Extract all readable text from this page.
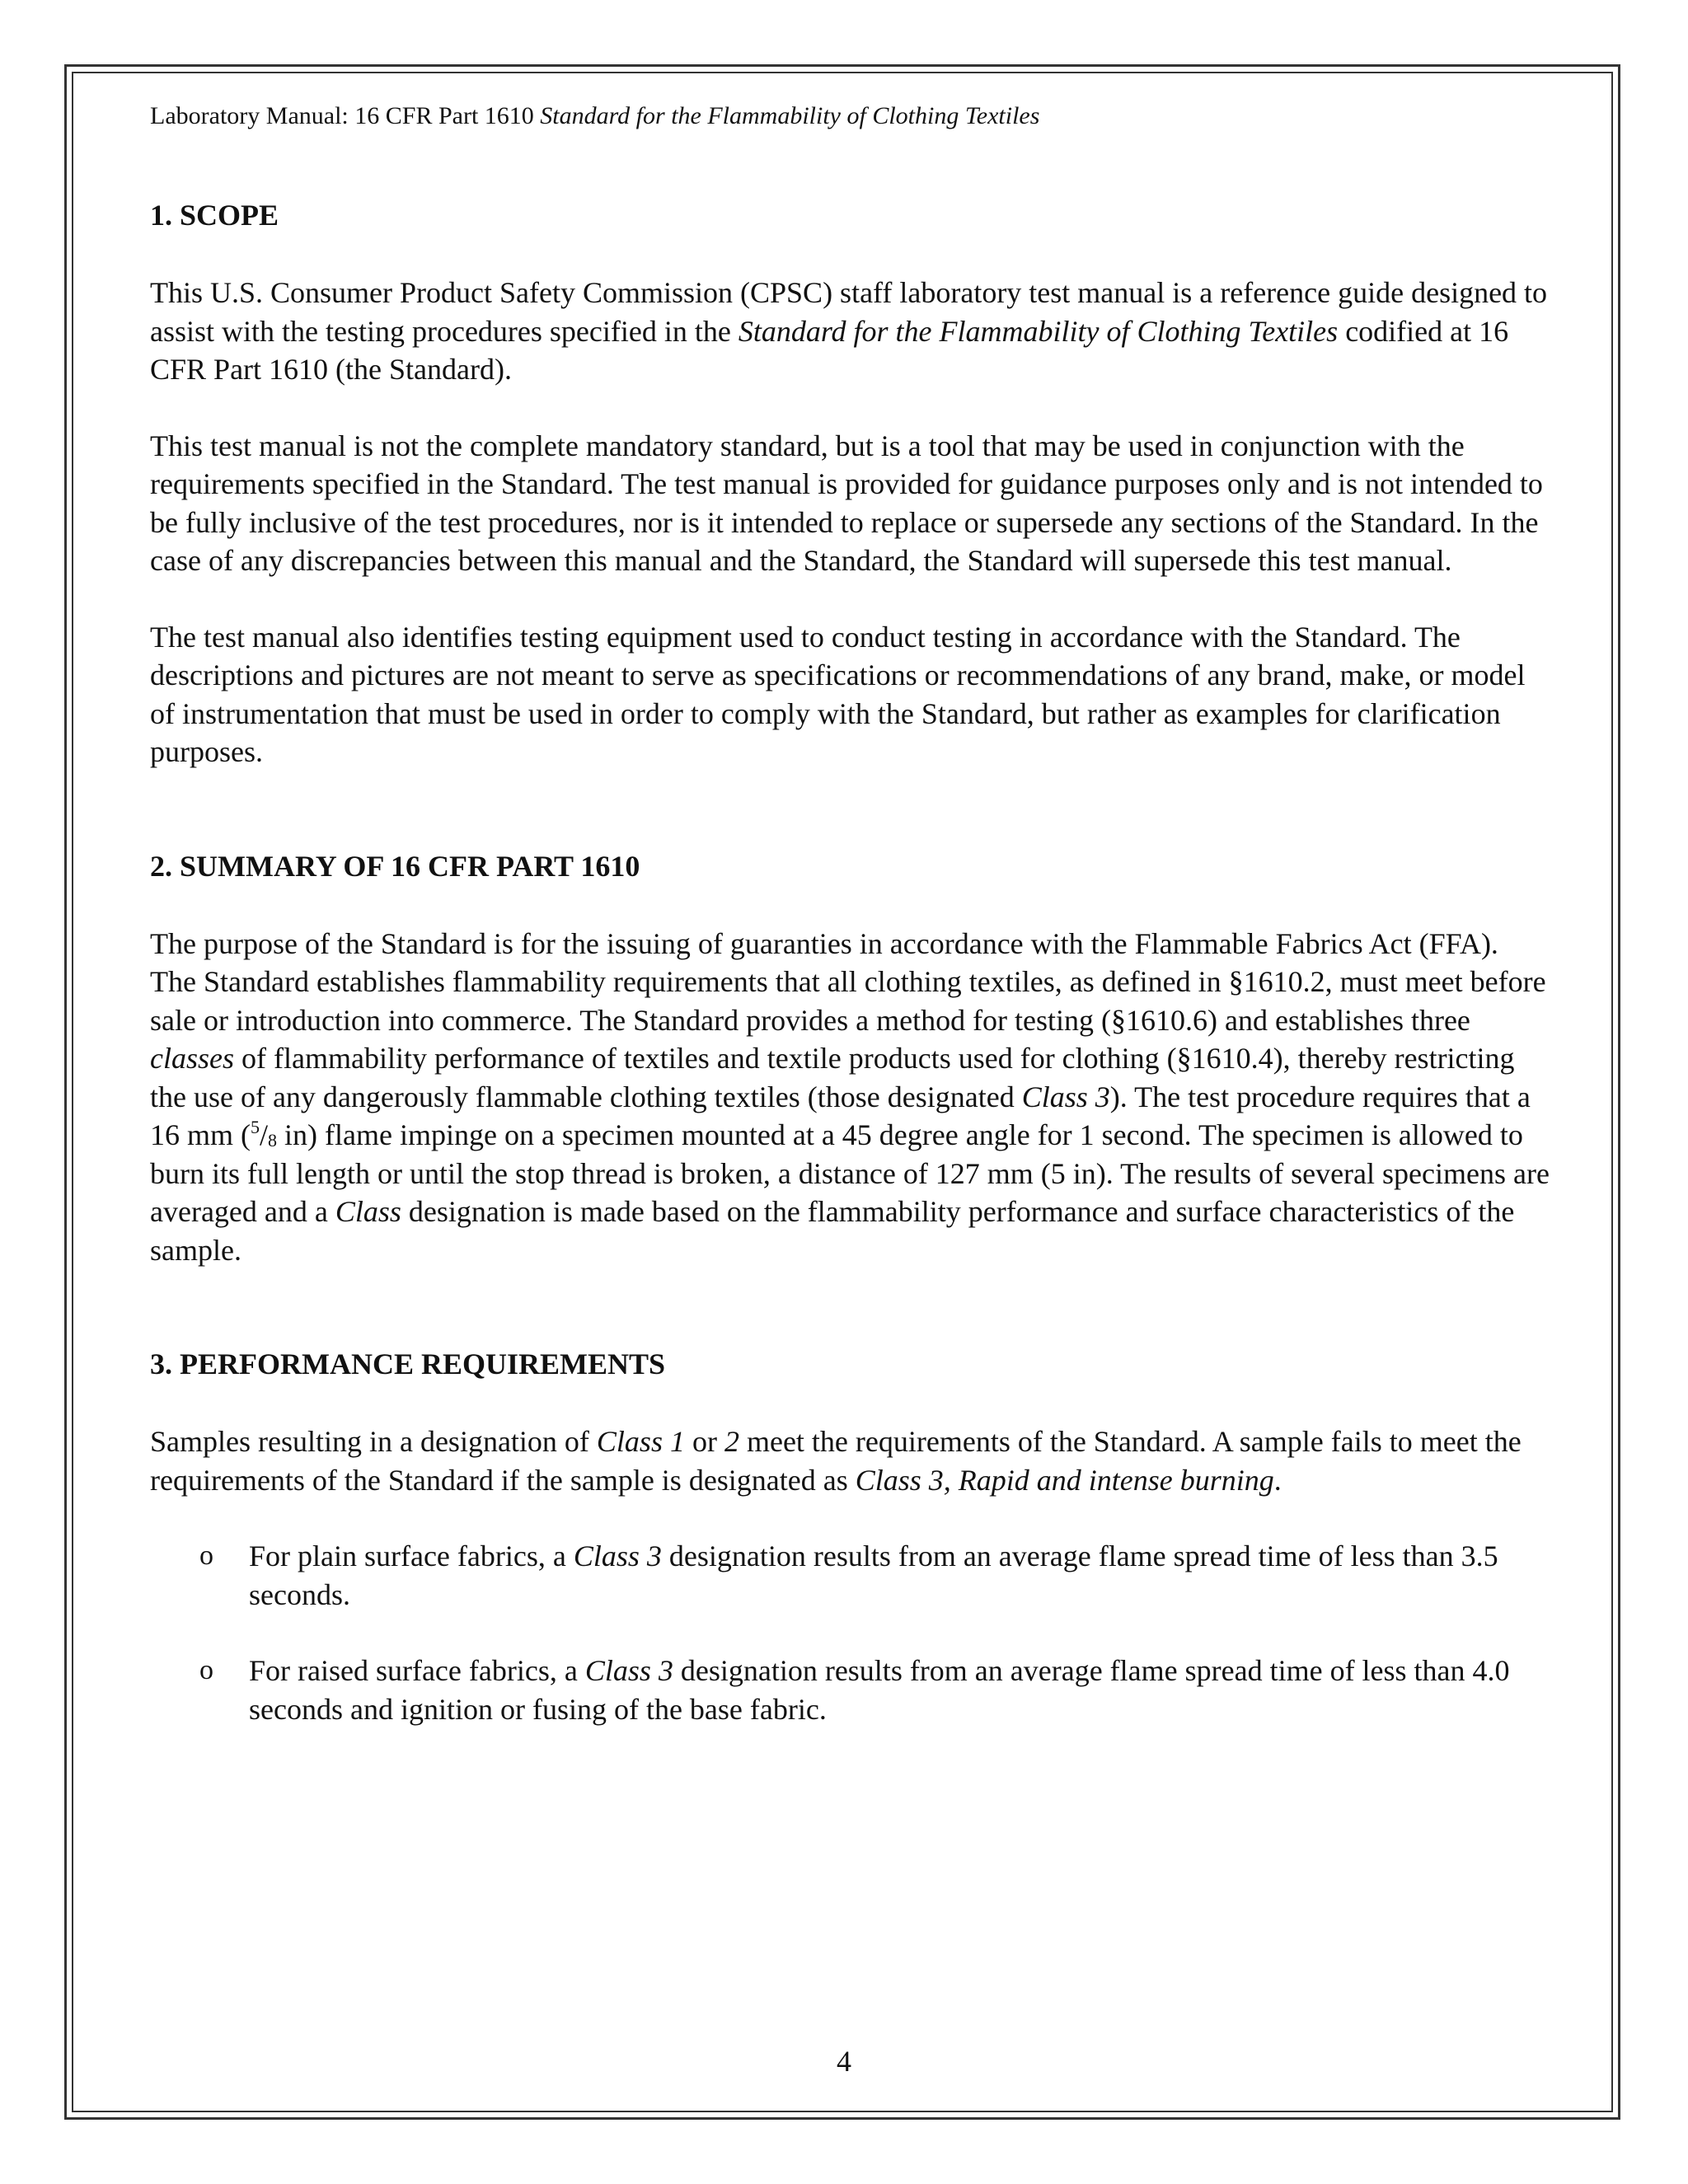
Laboratory Manual: 16 CFR Part 1610 Standard for the Flammability of Clothing Textiles

1. SCOPE

This U.S. Consumer Product Safety Commission (CPSC) staff laboratory test manual is a reference guide designed to assist with the testing procedures specified in the Standard for the Flammability of Clothing Textiles codified at 16 CFR Part 1610 (the Standard).

This test manual is not the complete mandatory standard, but is a tool that may be used in conjunction with the requirements specified in the Standard. The test manual is provided for guidance purposes only and is not intended to be fully inclusive of the test procedures, nor is it intended to replace or supersede any sections of the Standard. In the case of any discrepancies between this manual and the Standard, the Standard will supersede this test manual.

The test manual also identifies testing equipment used to conduct testing in accordance with the Standard. The descriptions and pictures are not meant to serve as specifications or recommendations of any brand, make, or model of instrumentation that must be used in order to comply with the Standard, but rather as examples for clarification purposes.

2. SUMMARY OF 16 CFR PART 1610

The purpose of the Standard is for the issuing of guaranties in accordance with the Flammable Fabrics Act (FFA). The Standard establishes flammability requirements that all clothing textiles, as defined in §1610.2, must meet before sale or introduction into commerce. The Standard provides a method for testing (§1610.6) and establishes three classes of flammability performance of textiles and textile products used for clothing (§1610.4), thereby restricting the use of any dangerously flammable clothing textiles (those designated Class 3). The test procedure requires that a 16 mm ($^5/_8$ in) flame impinge on a specimen mounted at a 45 degree angle for 1 second. The specimen is allowed to burn its full length or until the stop thread is broken, a distance of 127 mm (5 in). The results of several specimens are averaged and a Class designation is made based on the flammability performance and surface characteristics of the sample.

3. PERFORMANCE REQUIREMENTS

Samples resulting in a designation of Class 1 or 2 meet the requirements of the Standard. A sample fails to meet the requirements of the Standard if the sample is designated as Class 3, Rapid and intense burning.

o For plain surface fabrics, a Class 3 designation results from an average flame spread time of less than 3.5 seconds.
o For raised surface fabrics, a Class 3 designation results from an average flame spread time of less than 4.0 seconds and ignition or fusing of the base fabric.
4
